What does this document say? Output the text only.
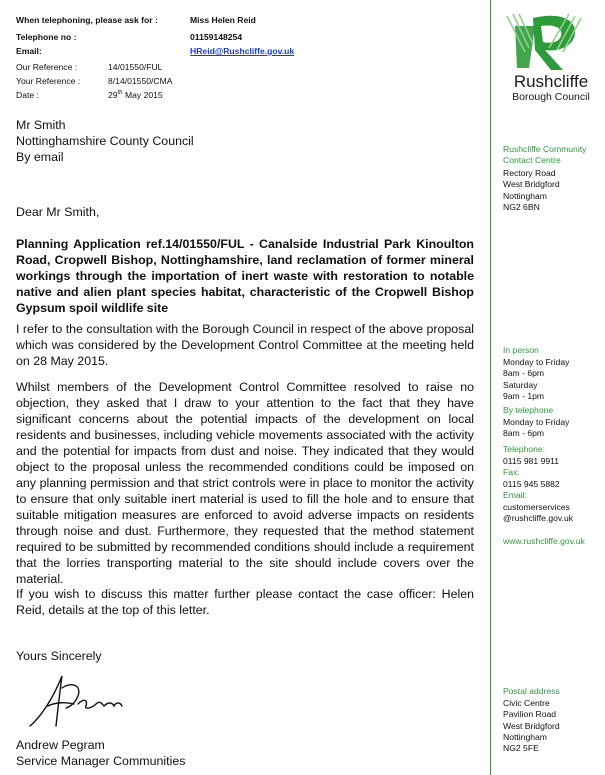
When telephoning, please ask for :	Miss Helen Reid
Telephone no :	01159148254
Email:	HReid@Rushcliffe.gov.uk
Our Reference :	14/01550/FUL
Your Reference :	8/14/01550/CMA
Date :	29th May 2015
Mr Smith
Nottinghamshire County Council
By email
Dear Mr Smith,
Planning Application ref.14/01550/FUL - Canalside Industrial Park Kinoulton Road, Cropwell Bishop, Nottinghamshire, land reclamation of former mineral workings through the importation of inert waste with restoration to notable native and alien plant species habitat, characteristic of the Cropwell Bishop Gypsum spoil wildlife site

I refer to the consultation with the Borough Council in respect of the above proposal which was considered by the Development Control Committee at the meeting held on 28 May 2015.

Whilst members of the Development Control Committee resolved to raise no objection, they asked that I draw to your attention to the fact that they have significant concerns about the potential impacts of the development on local residents and businesses, including vehicle movements associated with the activity and the potential for impacts from dust and noise. They indicated that they would object to the proposal unless the recommended conditions could be imposed on any planning permission and that strict controls were in place to monitor the activity to ensure that only suitable inert material is used to fill the hole and to ensure that suitable mitigation measures are enforced to avoid adverse impacts on residents through noise and dust. Furthermore, they requested that the method statement required to be submitted by recommended conditions should include a requirement that the lorries transporting material to the site should include covers over the material.

If you wish to discuss this matter further please contact the case officer: Helen Reid, details at the top of this letter.

Yours Sincerely
Andrew Pegram
Service Manager Communities
Rushcliffe
Borough Council
Rushcliffe Community
Contact Centre
Rectory Road
West Bridgford
Nottingham
NG2 6BN
In person
Monday to Friday
8am - 6pm
Saturday
9am - 1pm
By telephone
Monday to Friday
8am - 6pm
Telephone:
0115 981 9911
Fax:
0115 945 5882
Email:
customerservices
@rushcliffe.gov.uk
www.rushcliffe.gov.uk
Postal address
Civic Centre
Pavilion Road
West Bridgford
Nottingham
NG2 5FE
